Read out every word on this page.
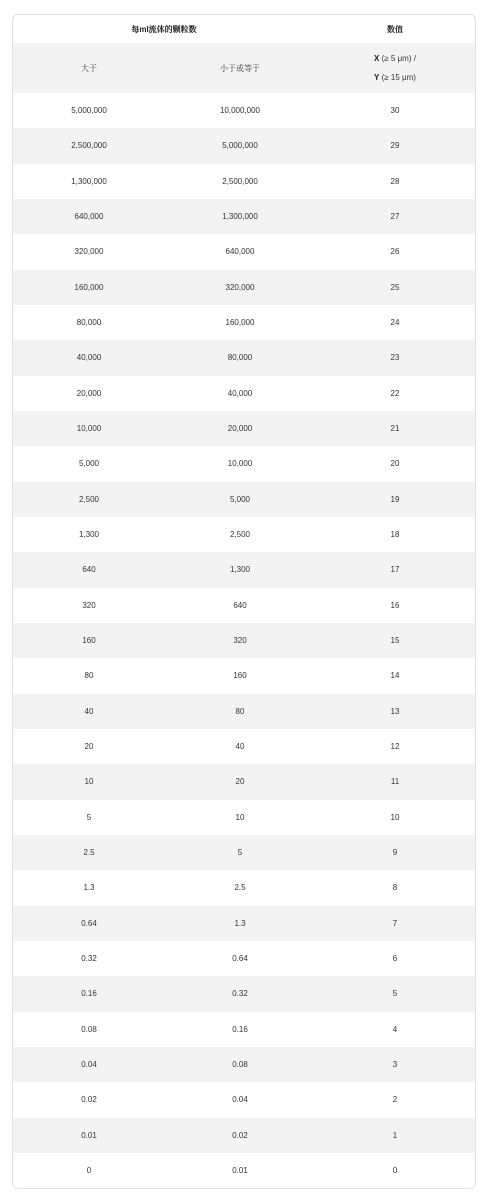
每ml流体的颗粒数	数值
大于	小于或等于
X (≥ 5 μm) /
Y (≥ 15 μm)
5,000,000	10,000,000	30
2,500,000	5,000,000	29
1,300,000	2,500,000	28
640,000	1,300,000	27
320,000	640,000	26
160,000	320,000	25
80,000	160,000	24
40,000	80,000	23
20,000	40,000	22
10,000	20,000	21
5,000	10,000	20
2,500	5,000	19
1,300	2,500	18
640	1,300	17
320	640	16
160	320	15
80	160	14
40	80	13
20	40	12
10	20	11
5	10	10
2.5	5	9
1.3	2.5	8
0.64	1.3	7
0.32	0.64	6
0.16	0.32	5
0.08	0.16	4
0.04	0.08	3
0.02	0.04	2
0.01	0.02	1
0	0.01	0
